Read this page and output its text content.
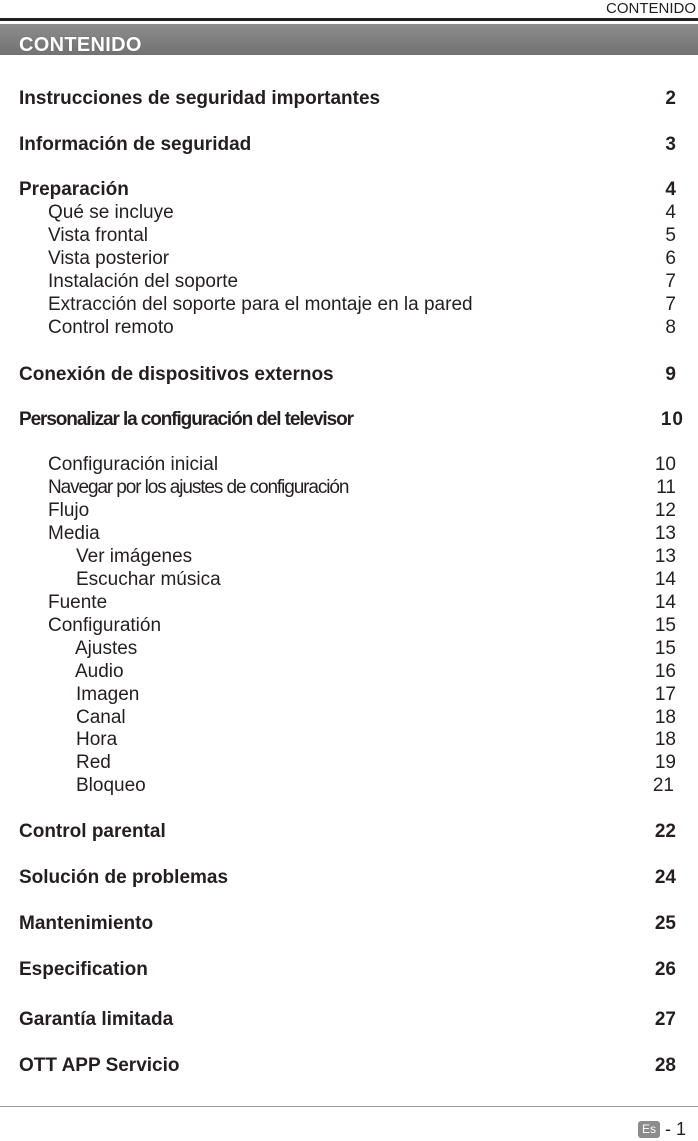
CONTENIDO
CONTENIDO
Instrucciones de seguridad importantes	2
Información de seguridad	3
Preparación	4
Qué se incluye	4
Vista frontal	5
Vista posterior	6
Instalación del soporte	7
Extracción del soporte para el montaje en la pared	7
Control remoto	8
Conexión de dispositivos externos	9
Personalizar la configuración del televisor	10
Configuración inicial	10
Navegar por los ajustes de configuración	11
Flujo	12
Media	13
Ver imágenes	13
Escuchar música	14
Fuente	14
Configuratión	15
Ajustes	15
Audio	16
Imagen	17
Canal	18
Hora	18
Red	19
Bloqueo	21
Control parental	22
Solución de problemas	24
Mantenimiento	25
Especification	26
Garantía limitada	27
OTT APP Servicio	28
Es - 1
